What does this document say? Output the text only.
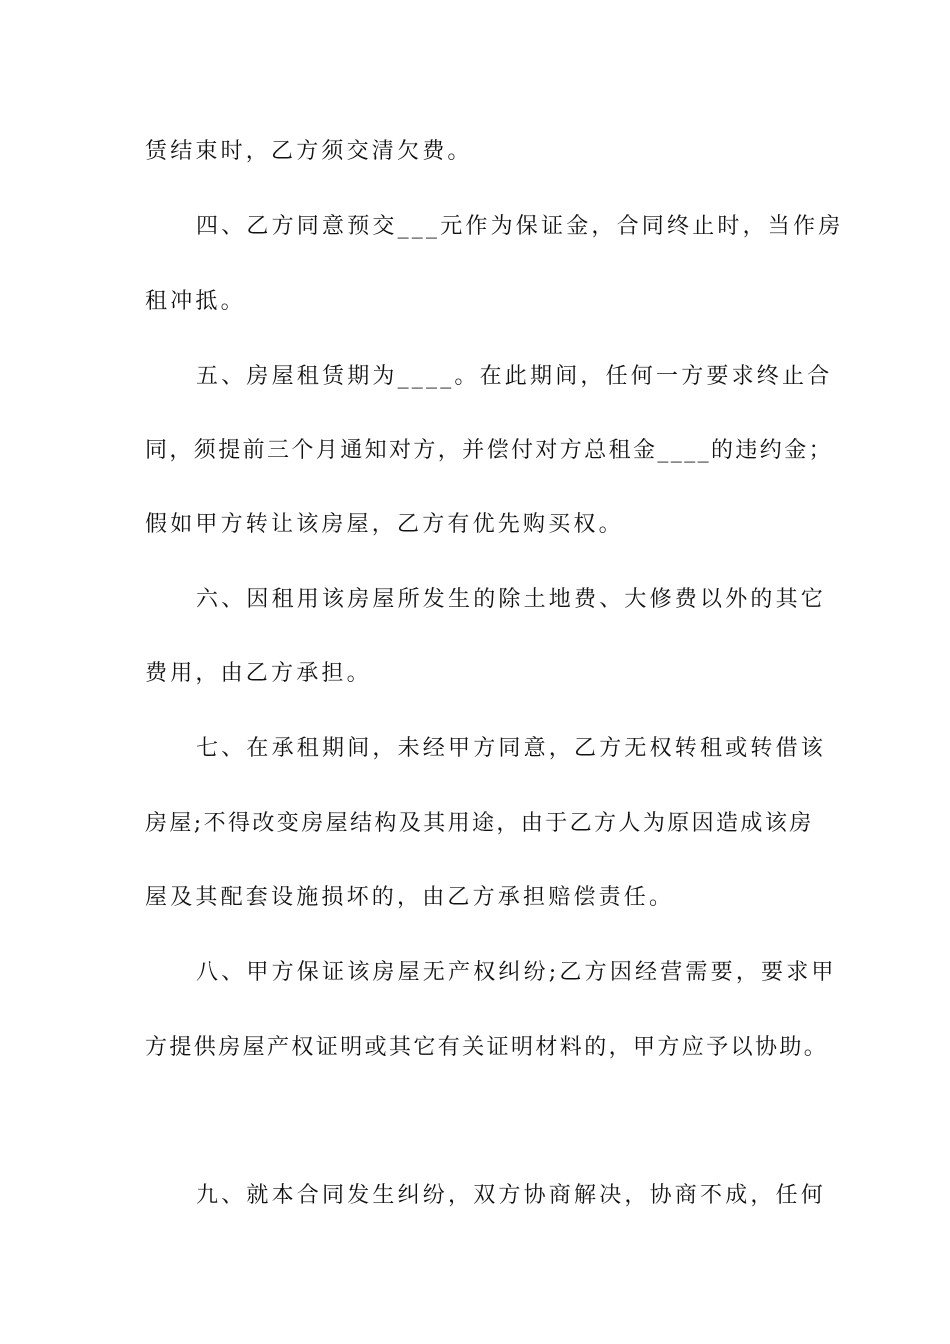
赁结束时，乙方须交清欠费。
四、乙方同意预交___元作为保证金，合同终止时，当作房
租冲抵。
五、房屋租赁期为____。在此期间，任何一方要求终止合
同，须提前三个月通知对方，并偿付对方总租金____的违约金；
假如甲方转让该房屋，乙方有优先购买权。
六、因租用该房屋所发生的除土地费、大修费以外的其它
费用，由乙方承担。
七、在承租期间，未经甲方同意，乙方无权转租或转借该
房屋;不得改变房屋结构及其用途，由于乙方人为原因造成该房
屋及其配套设施损坏的，由乙方承担赔偿责任。
八、甲方保证该房屋无产权纠纷;乙方因经营需要，要求甲
方提供房屋产权证明或其它有关证明材料的，甲方应予以协助。
九、就本合同发生纠纷，双方协商解决，协商不成，任何
